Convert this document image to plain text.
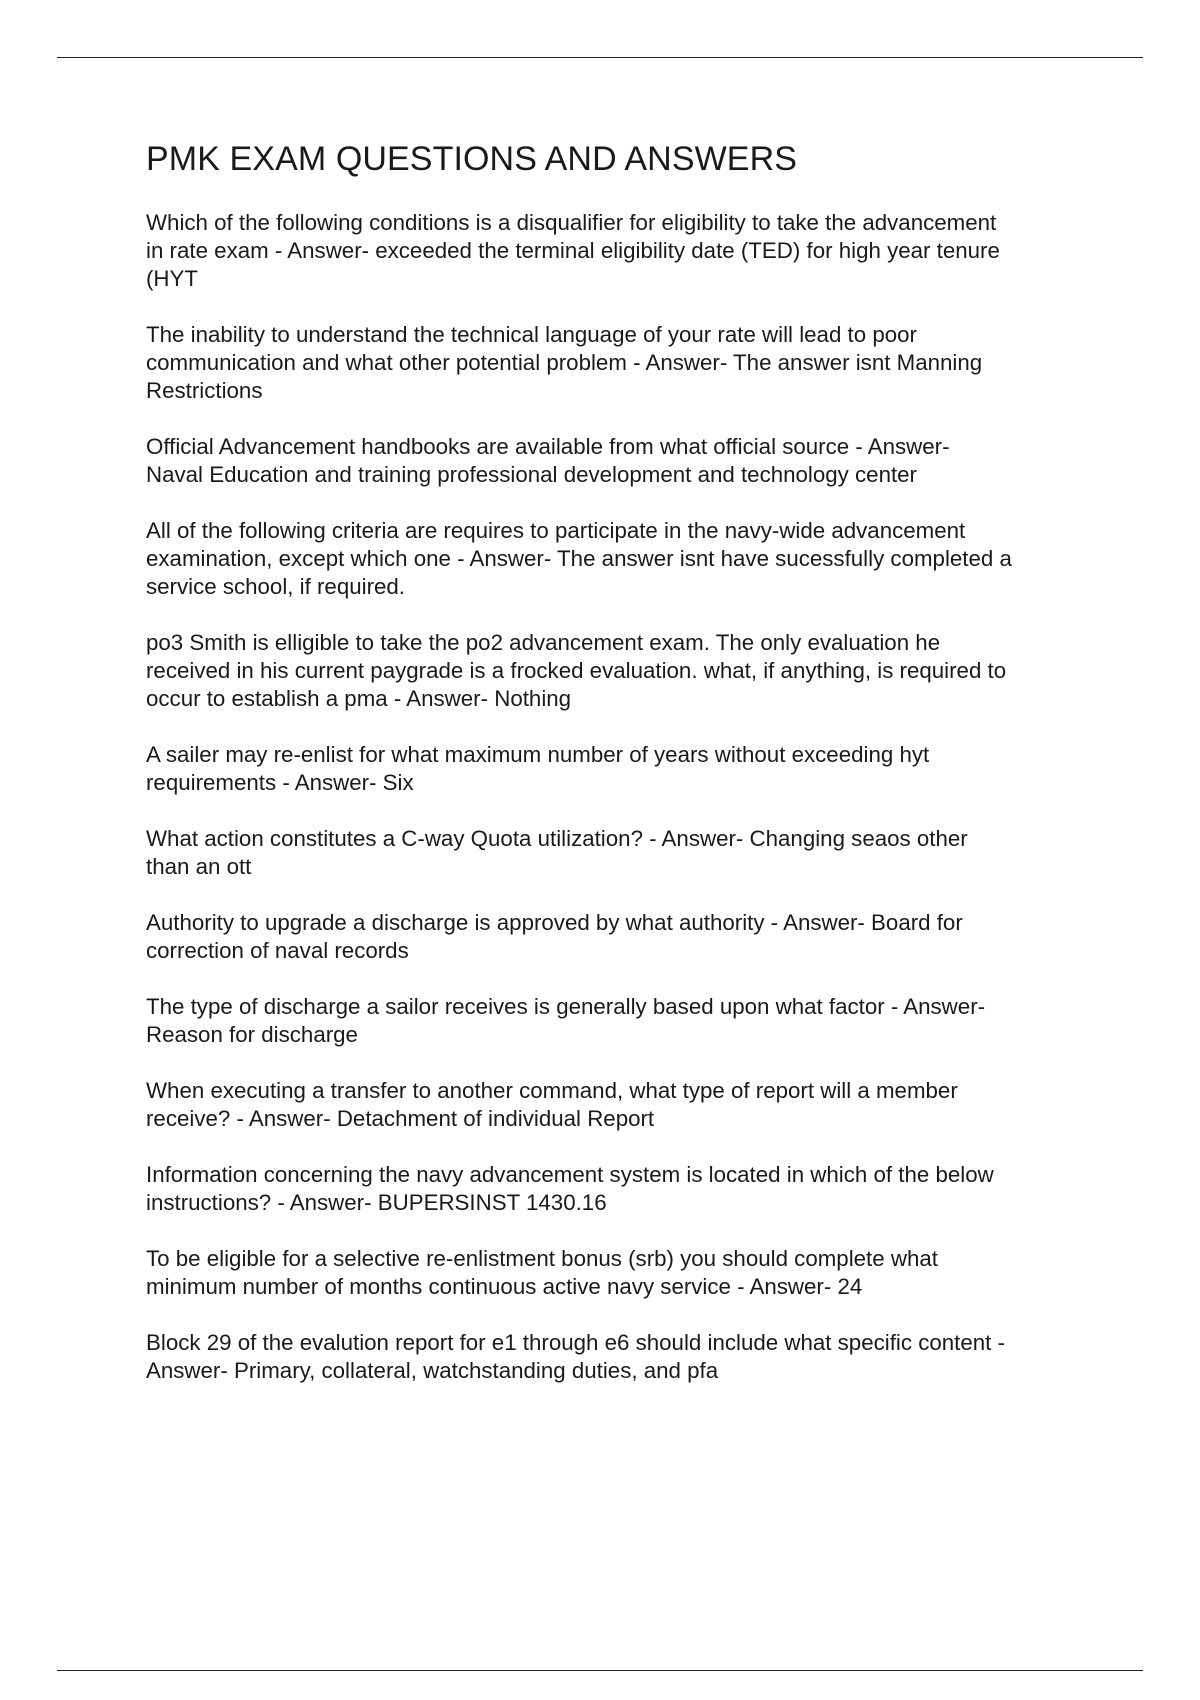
PMK EXAM QUESTIONS AND ANSWERS

Which of the following conditions is a disqualifier for eligibility to take the advancement
in rate exam - Answer- exceeded the terminal eligibility date (TED) for high year tenure
(HYT

The inability to understand the technical language of your rate will lead to poor
communication and what other potential problem - Answer- The answer isnt Manning
Restrictions

Official Advancement handbooks are available from what official source - Answer-
Naval Education and training professional development and technology center

All of the following criteria are requires to participate in the navy-wide advancement
examination, except which one - Answer- The answer isnt have sucessfully completed a
service school, if required.

po3 Smith is elligible to take the po2 advancement exam. The only evaluation he
received in his current paygrade is a frocked evaluation. what, if anything, is required to
occur to establish a pma - Answer- Nothing

A sailer may re-enlist for what maximum number of years without exceeding hyt
requirements - Answer- Six

What action constitutes a C-way Quota utilization? - Answer- Changing seaos other
than an ott

Authority to upgrade a discharge is approved by what authority - Answer- Board for
correction of naval records

The type of discharge a sailor receives is generally based upon what factor - Answer-
Reason for discharge

When executing a transfer to another command, what type of report will a member
receive? - Answer- Detachment of individual Report

Information concerning the navy advancement system is located in which of the below
instructions? - Answer- BUPERSINST 1430.16

To be eligible for a selective re-enlistment bonus (srb) you should complete what
minimum number of months continuous active navy service - Answer- 24

Block 29 of the evalution report for e1 through e6 should include what specific content -
Answer- Primary, collateral, watchstanding duties, and pfa
